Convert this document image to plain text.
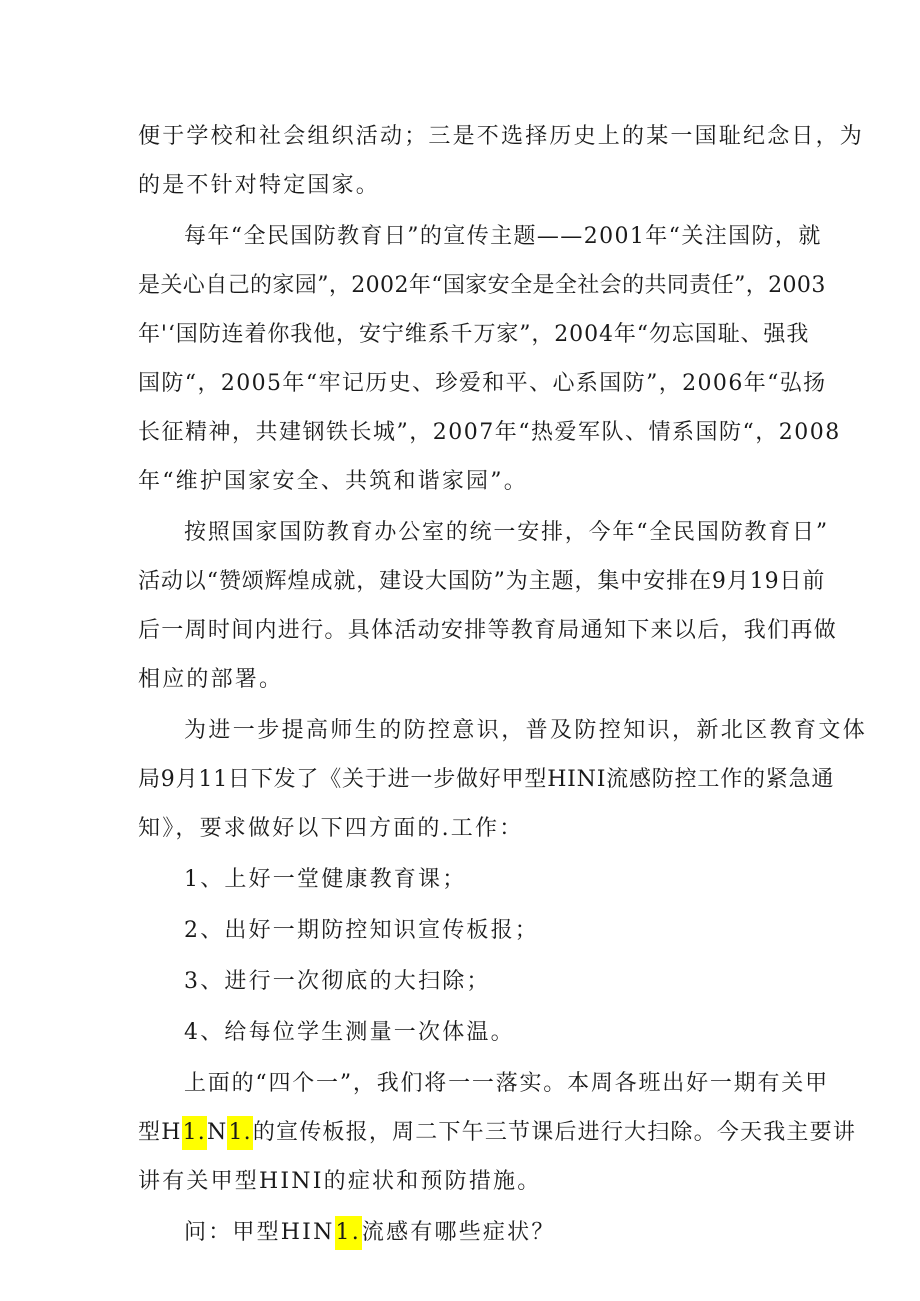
便于学校和社会组织活动；三是不选择历史上的某一国耻纪念日，为
的是不针对特定国家。
每年“全民国防教育日”的宣传主题——2001年“关注国防，就
是关心自己的家园”，2002年“国家安全是全社会的共同责任”，2003
年'‘国防连着你我他，安宁维系千万家”，2004年“勿忘国耻、强我
国防“，2005年“牢记历史、珍爱和平、心系国防”，2006年“弘扬
长征精神，共建钢铁长城”，2007年“热爱军队、情系国防“，2008
年“维护国家安全、共筑和谐家园”。
按照国家国防教育办公室的统一安排，今年“全民国防教育日”
活动以“赞颂辉煌成就，建设大国防”为主题，集中安排在9月19日前
后一周时间内进行。具体活动安排等教育局通知下来以后，我们再做
相应的部署。
为进一步提高师生的防控意识，普及防控知识，新北区教育文体
局9月11日下发了《关于进一步做好甲型HINI流感防控工作的紧急通
知》，要求做好以下四方面的.工作：
1、上好一堂健康教育课；
2、出好一期防控知识宣传板报；
3、进行一次彻底的大扫除；
4、给每位学生测量一次体温。
上面的“四个一”，我们将一一落实。本周各班出好一期有关甲
型H1.N1.的宣传板报，周二下午三节课后进行大扫除。今天我主要讲
讲有关甲型HINI的症状和预防措施。
问：甲型HIN1.流感有哪些症状？
